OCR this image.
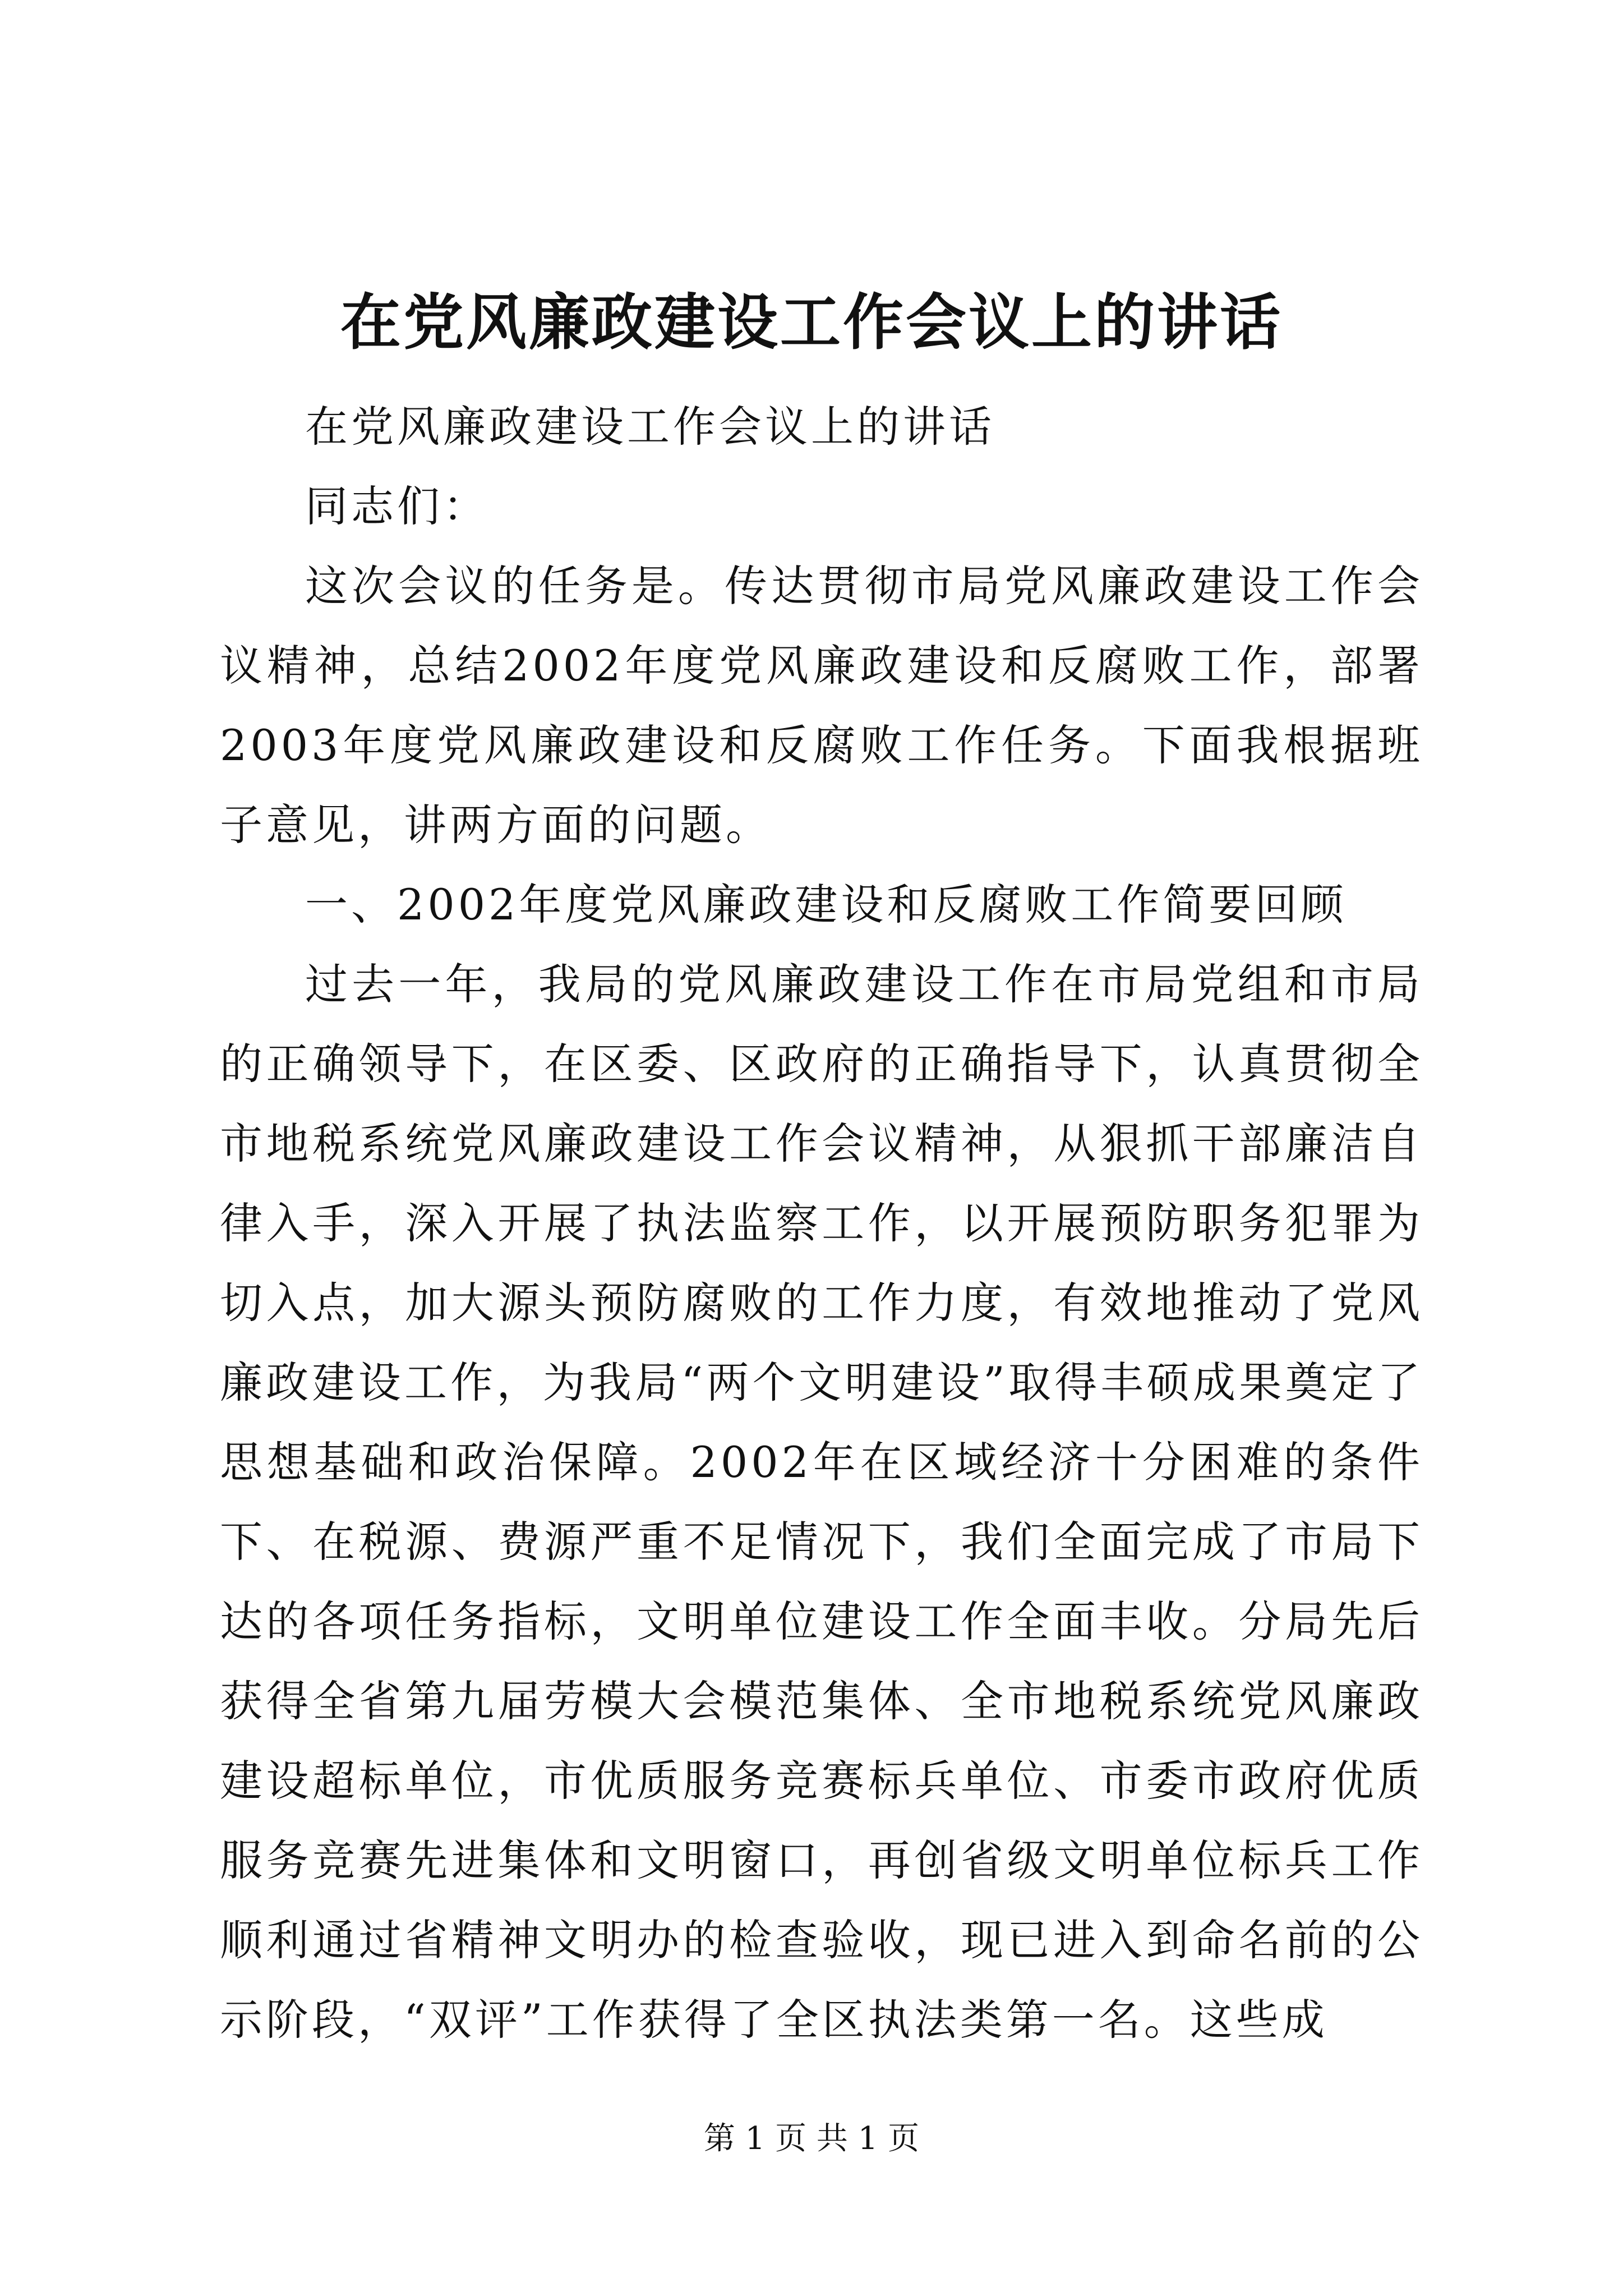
在党风廉政建设工作会议上的讲话

在党风廉政建设工作会议上的讲话

同志们：

这次会议的任务是。传达贯彻市局党风廉政建设工作会议精神，总结2002年度党风廉政建设和反腐败工作，部署2003年度党风廉政建设和反腐败工作任务。下面我根据班子意见，讲两方面的问题。

一、2002年度党风廉政建设和反腐败工作简要回顾

过去一年，我局的党风廉政建设工作在市局党组和市局的正确领导下，在区委、区政府的正确指导下，认真贯彻全市地税系统党风廉政建设工作会议精神，从狠抓干部廉洁自律入手，深入开展了执法监察工作，以开展预防职务犯罪为切入点，加大源头预防腐败的工作力度，有效地推动了党风廉政建设工作，为我局“两个文明建设”取得丰硕成果奠定了思想基础和政治保障。2002年在区域经济十分困难的条件下、在税源、费源严重不足情况下，我们全面完成了市局下达的各项任务指标，文明单位建设工作全面丰收。分局先后获得全省第九届劳模大会模范集体、全市地税系统党风廉政建设超标单位，市优质服务竞赛标兵单位、市委市政府优质服务竞赛先进集体和文明窗口，再创省级文明单位标兵工作顺利通过省精神文明办的检查验收，现已进入到命名前的公示阶段，“双评”工作获得了全区执法类第一名。这些成

第 1 页 共 1 页
